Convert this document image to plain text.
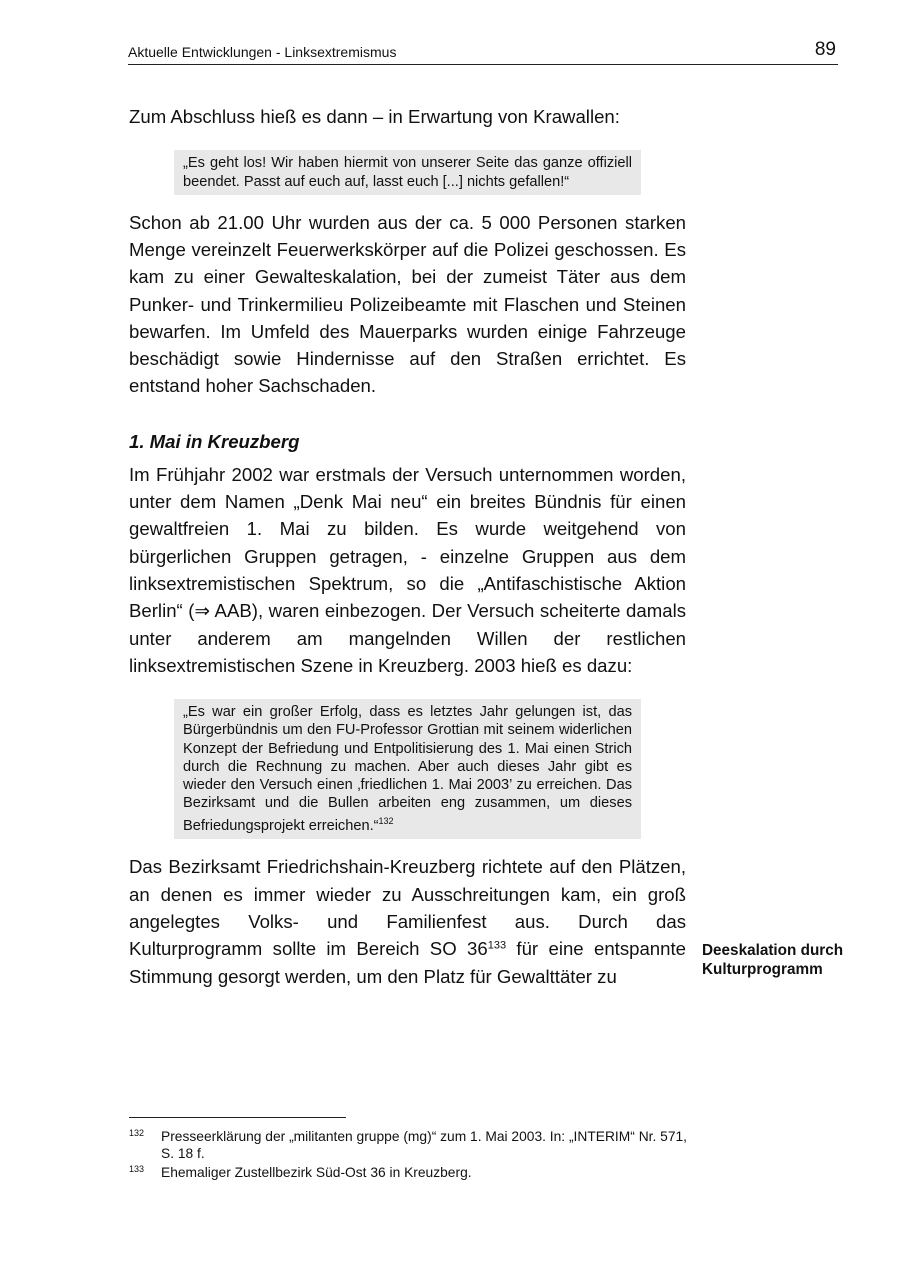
Aktuelle Entwicklungen - Linksextremismus	89

Zum Abschluss hieß es dann – in Erwartung von Krawallen:

„Es geht los! Wir haben hiermit von unserer Seite das ganze offiziell beendet. Passt auf euch auf, lasst euch [...] nichts gefallen!“

Schon ab 21.00 Uhr wurden aus der ca. 5 000 Personen starken Menge vereinzelt Feuerwerkskörper auf die Polizei geschossen. Es kam zu einer Gewalteskalation, bei der zumeist Täter aus dem Punker- und Trinkermilieu Polizeibeamte mit Flaschen und Steinen bewarfen. Im Umfeld des Mauerparks wurden einige Fahrzeuge beschädigt sowie Hindernisse auf den Straßen errichtet. Es entstand hoher Sachschaden.

1. Mai in Kreuzberg

Im Frühjahr 2002 war erstmals der Versuch unternommen worden, unter dem Namen „Denk Mai neu“ ein breites Bündnis für einen gewaltfreien 1. Mai zu bilden. Es wurde weitgehend von bürgerlichen Gruppen getragen, - einzelne Gruppen aus dem linksextremistischen Spektrum, so die „Antifaschistische Aktion Berlin“ (⇒ AAB), waren einbezogen. Der Versuch scheiterte damals unter anderem am mangelnden Willen der restlichen linksextremistischen Szene in Kreuzberg. 2003 hieß es dazu:

„Es war ein großer Erfolg, dass es letztes Jahr gelungen ist, das Bürgerbündnis um den FU-Professor Grottian mit seinem widerlichen Konzept der Befriedung und Entpolitisierung des 1. Mai einen Strich durch die Rechnung zu machen. Aber auch dieses Jahr gibt es wieder den Versuch einen ‚friedlichen 1. Mai 2003’ zu erreichen. Das Bezirksamt und die Bullen arbeiten eng zusammen, um dieses Befriedungsprojekt erreichen.“$^{132}$

Das Bezirksamt Friedrichshain-Kreuzberg richtete auf den Plätzen, an denen es immer wieder zu Ausschreitungen kam, ein groß angelegtes Volks- und Familienfest aus. Durch das Kulturprogramm sollte im Bereich SO 36$^{133}$ für eine entspannte Stimmung gesorgt werden, um den Platz für Gewalttäter zu

Deeskalation durch Kulturprogramm
132 Presseerklärung der „militanten gruppe (mg)“ zum 1. Mai 2003. In: „INTERIM“ Nr. 571, S. 18 f.
133 Ehemaliger Zustellbezirk Süd-Ost 36 in Kreuzberg.
